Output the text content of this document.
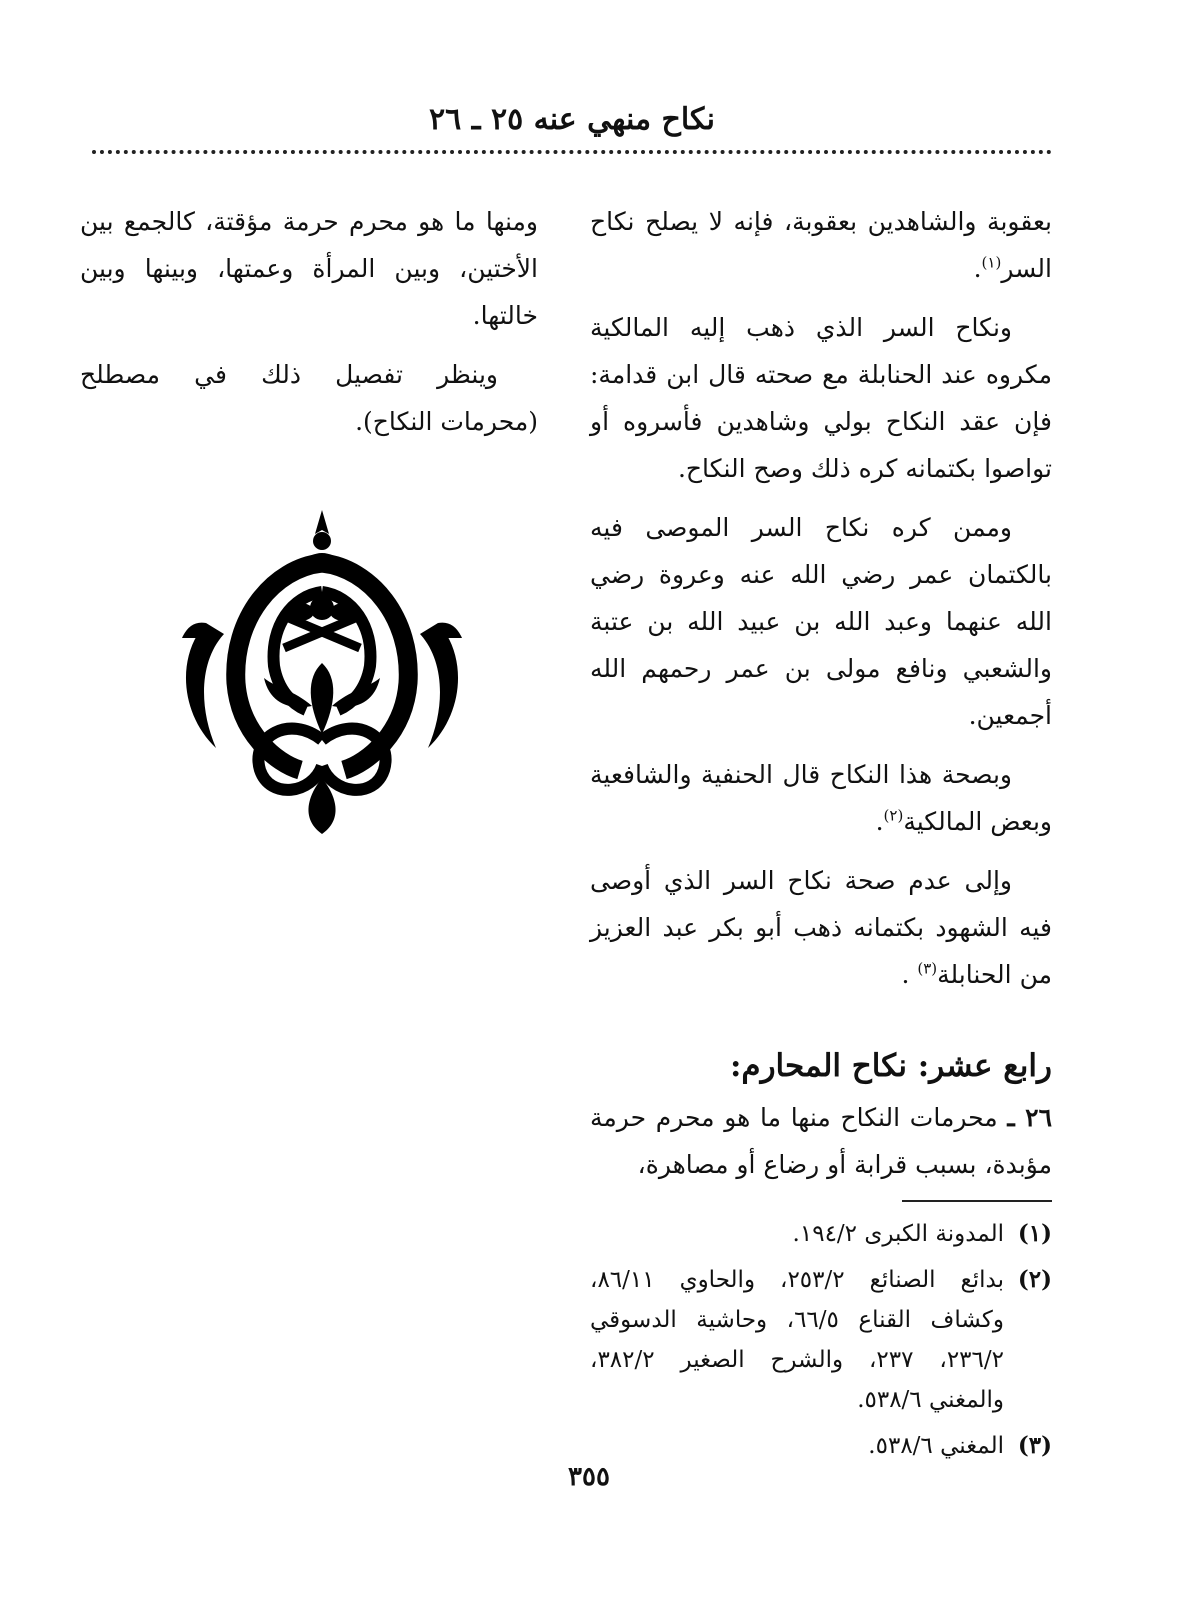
نكاح منهي عنه ٢٥ ـ ٢٦

بعقوبة والشاهدين بعقوبة، فإنه لا يصلح نكاح السر$^{(١)}$.

ونكاح السر الذي ذهب إليه المالكية مكروه عند الحنابلة مع صحته قال ابن قدامة: فإن عقد النكاح بولي وشاهدين فأسروه أو تواصوا بكتمانه كره ذلك وصح النكاح.

وممن كره نكاح السر الموصى فيه بالكتمان عمر رضي الله عنه وعروة رضي الله عنهما وعبد الله بن عبيد الله بن عتبة والشعبي ونافع مولى بن عمر رحمهم الله أجمعين.

وبصحة هذا النكاح قال الحنفية والشافعية وبعض المالكية$^{(٢)}$.

وإلى عدم صحة نكاح السر الذي أوصى فيه الشهود بكتمانه ذهب أبو بكر عبد العزيز من الحنابلة$^{(٣)}$ .

رابع عشر: نكاح المحارم:

٢٦ ـ محرمات النكاح منها ما هو محرم حرمة مؤبدة، بسبب قرابة أو رضاع أو مصاهرة،

(١)
المدونة الكبرى ١٩٤/٢.
(٢)
بدائع الصنائع ٢٥٣/٢، والحاوي ٨٦/١١، وكشاف القناع ٦٦/٥، وحاشية الدسوقي ٢٣٦/٢، ٢٣٧، والشرح الصغير ٣٨٢/٢، والمغني ٥٣٨/٦.
(٣)
المغني ٥٣٨/٦.

ومنها ما هو محرم حرمة مؤقتة، كالجمع بين الأختين، وبين المرأة وعمتها، وبينها وبين خالتها.

وينظر تفصيل ذلك في مصطلح (محرمات النكاح).

٣٥٥
